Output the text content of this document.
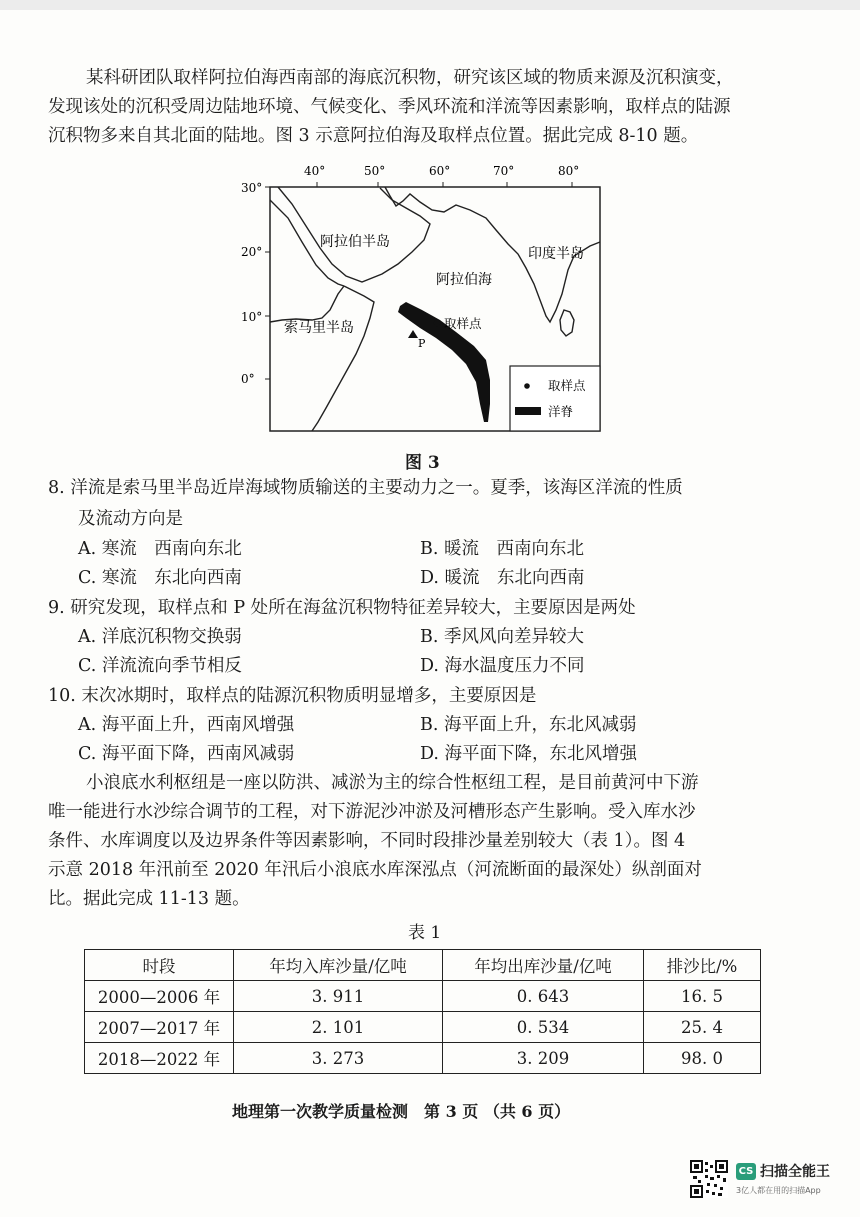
某科研团队取样阿拉伯海西南部的海底沉积物，研究该区域的物质来源及沉积演变，
发现该处的沉积受周边陆地环境、气候变化、季风环流和洋流等因素影响，取样点的陆源
沉积物多来自其北面的陆地。图 3 示意阿拉伯海及取样点位置。据此完成 8-10 题。
40°	50°	60°	70°	80°
30°
20°
10°
0°
阿拉伯半岛
印度半岛
阿拉伯海
索马里半岛	取样点
P
取样点
洋脊
图 3
8. 洋流是索马里半岛近岸海域物质输送的主要动力之一。夏季，该海区洋流的性质
及流动方向是
A. 寒流　西南向东北	B. 暖流　西南向东北
C. 寒流　东北向西南	D. 暖流　东北向西南
9. 研究发现，取样点和 P 处所在海盆沉积物特征差异较大，主要原因是两处
A. 洋底沉积物交换弱	B. 季风风向差异较大
C. 洋流流向季节相反	D. 海水温度压力不同
10. 末次冰期时，取样点的陆源沉积物质明显增多，主要原因是
A. 海平面上升，西南风增强	B. 海平面上升，东北风减弱
C. 海平面下降，西南风减弱	D. 海平面下降，东北风增强
小浪底水利枢纽是一座以防洪、减淤为主的综合性枢纽工程，是目前黄河中下游
唯一能进行水沙综合调节的工程，对下游泥沙冲淤及河槽形态产生影响。受入库水沙
条件、水库调度以及边界条件等因素影响，不同时段排沙量差别较大（表 1）。图 4
示意 2018 年汛前至 2020 年汛后小浪底水库深泓点（河流断面的最深处）纵剖面对
比。据此完成 11-13 题。
表 1
时段	年均入库沙量/亿吨	年均出库沙量/亿吨	排沙比/%
2000—2006 年	3. 911	0. 643	16. 5
2007—2017 年	2. 101	0. 534	25. 4
2018—2022 年	3. 273	3. 209	98. 0
地理第一次教学质量检测　第 3 页 （共 6 页）
CS 扫描全能王
3亿人都在用的扫描App
